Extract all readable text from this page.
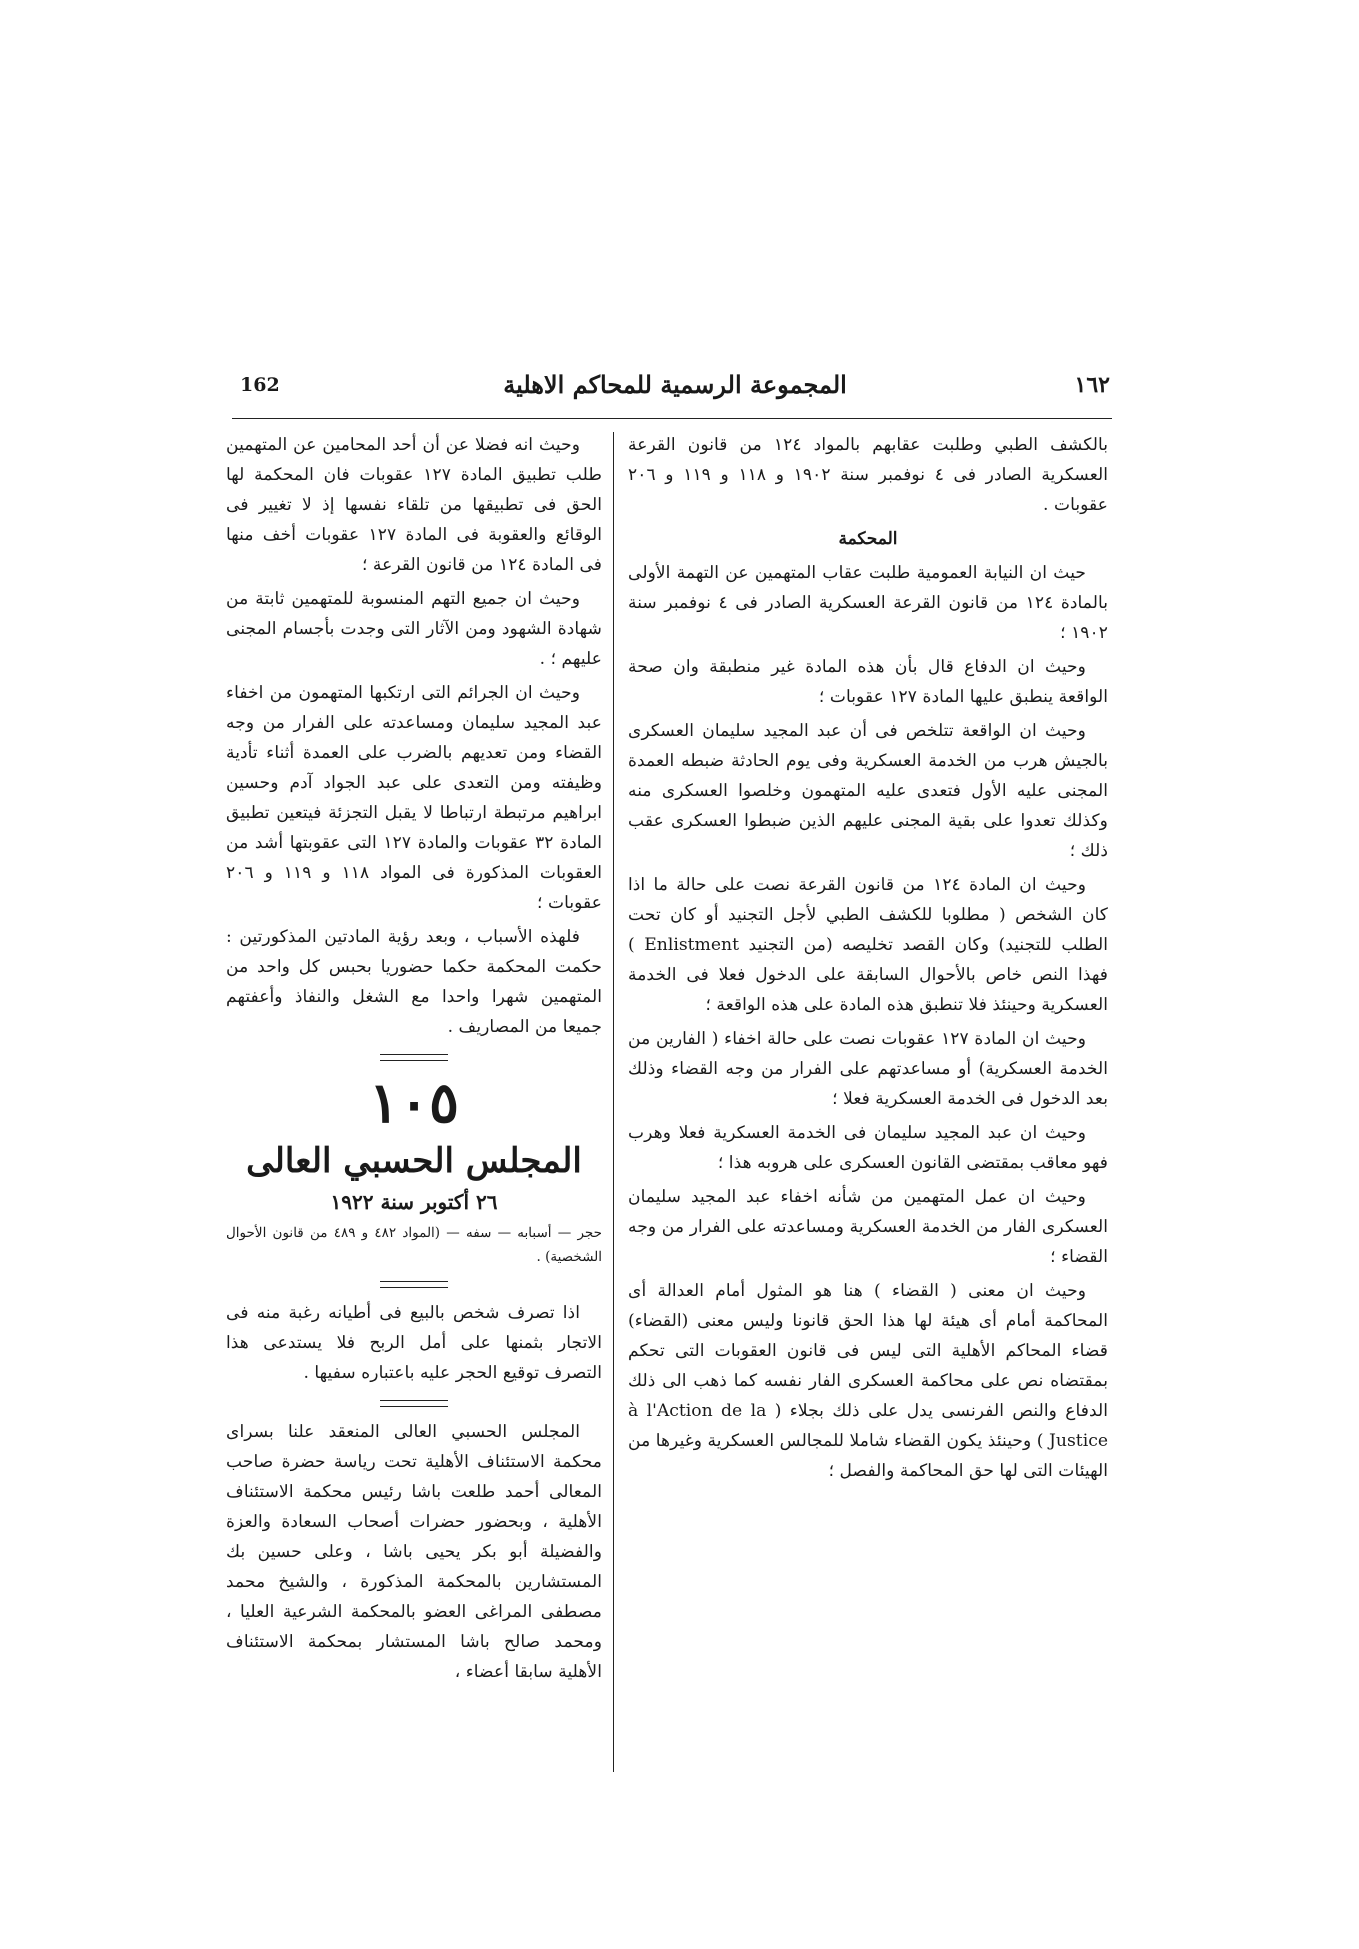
162	المجموعة الرسمية للمحاكم الاهلية	١٦٢

بالكشف الطبي وطلبت عقابهم بالمواد ١٢٤ من قانون القرعة العسكرية الصادر فى ٤ نوفمبر سنة ١٩٠٢ و ١١٨ و ١١٩ و ٢٠٦ عقوبات .

المحكمة

حيث ان النيابة العمومية طلبت عقاب المتهمين عن التهمة الأولى بالمادة ١٢٤ من قانون القرعة العسكرية الصادر فى ٤ نوفمبر سنة ١٩٠٢ ؛

وحيث ان الدفاع قال بأن هذه المادة غير منطبقة وان صحة الواقعة ينطبق عليها المادة ١٢٧ عقوبات ؛

وحيث ان الواقعة تتلخص فى أن عبد المجيد سليمان العسكرى بالجيش هرب من الخدمة العسكرية وفى يوم الحادثة ضبطه العمدة المجنى عليه الأول فتعدى عليه المتهمون وخلصوا العسكرى منه وكذلك تعدوا على بقية المجنى عليهم الذين ضبطوا العسكرى عقب ذلك ؛

وحيث ان المادة ١٢٤ من قانون القرعة نصت على حالة ما اذا كان الشخص ( مطلوبا للكشف الطبي لأجل التجنيد أو كان تحت الطلب للتجنيد) وكان القصد تخليصه (من التجنيد Enlistment ) فهذا النص خاص بالأحوال السابقة على الدخول فعلا فى الخدمة العسكرية وحينئذ فلا تنطبق هذه المادة على هذه الواقعة ؛

وحيث ان المادة ١٢٧ عقوبات نصت على حالة اخفاء ( الفارين من الخدمة العسكرية) أو مساعدتهم على الفرار من وجه القضاء وذلك بعد الدخول فى الخدمة العسكرية فعلا ؛

وحيث ان عبد المجيد سليمان فى الخدمة العسكرية فعلا وهرب فهو معاقب بمقتضى القانون العسكرى على هروبه هذا ؛

وحيث ان عمل المتهمين من شأنه اخفاء عبد المجيد سليمان العسكرى الفار من الخدمة العسكرية ومساعدته على الفرار من وجه القضاء ؛

وحيث ان معنى ( القضاء ) هنا هو المثول أمام العدالة أى المحاكمة أمام أى هيئة لها هذا الحق قانونا وليس معنى (القضاء) قضاء المحاكم الأهلية التى ليس فى قانون العقوبات التى تحكم بمقتضاه نص على محاكمة العسكرى الفار نفسه كما ذهب الى ذلك الدفاع والنص الفرنسى يدل على ذلك بجلاء ( à l'Action de la Justice ) وحينئذ يكون القضاء شاملا للمجالس العسكرية وغيرها من الهيئات التى لها حق المحاكمة والفصل ؛

وحيث انه فضلا عن أن أحد المحامين عن المتهمين طلب تطبيق المادة ١٢٧ عقوبات فان المحكمة لها الحق فى تطبيقها من تلقاء نفسها إذ لا تغيير فى الوقائع والعقوبة فى المادة ١٢٧ عقوبات أخف منها فى المادة ١٢٤ من قانون القرعة ؛

وحيث ان جميع التهم المنسوبة للمتهمين ثابتة من شهادة الشهود ومن الآثار التى وجدت بأجسام المجنى عليهم ؛ .

وحيث ان الجرائم التى ارتكبها المتهمون من اخفاء عبد المجيد سليمان ومساعدته على الفرار من وجه القضاء ومن تعديهم بالضرب على العمدة أثناء تأدية وظيفته ومن التعدى على عبد الجواد آدم وحسين ابراهيم مرتبطة ارتباطا لا يقبل التجزئة فيتعين تطبيق المادة ٣٢ عقوبات والمادة ١٢٧ التى عقوبتها أشد من العقوبات المذكورة فى المواد ١١٨ و ١١٩ و ٢٠٦ عقوبات ؛

فلهذه الأسباب ، وبعد رؤية المادتين المذكورتين : حكمت المحكمة حكما حضوريا بحبس كل واحد من المتهمين شهرا واحدا مع الشغل والنفاذ وأعفتهم جميعا من المصاريف .

١٠٥

المجلس الحسبي العالى

٢٦ أكتوبر سنة ١٩٢٢

حجر — أسبابه — سفه — (المواد ٤٨٢ و ٤٨٩ من قانون الأحوال الشخصية) .

اذا تصرف شخص بالبيع فى أطيانه رغبة منه فى الاتجار بثمنها على أمل الربح فلا يستدعى هذا التصرف توقيع الحجر عليه باعتباره سفيها .

المجلس الحسبي العالى المنعقد علنا بسراى محكمة الاستئناف الأهلية تحت رياسة حضرة صاحب المعالى أحمد طلعت باشا رئيس محكمة الاستئناف الأهلية ، وبحضور حضرات أصحاب السعادة والعزة والفضيلة أبو بكر يحيى باشا ، وعلى حسين بك المستشارين بالمحكمة المذكورة ، والشيخ محمد مصطفى المراغى العضو بالمحكمة الشرعية العليا ، ومحمد صالح باشا المستشار بمحكمة الاستئناف الأهلية سابقا أعضاء ،
